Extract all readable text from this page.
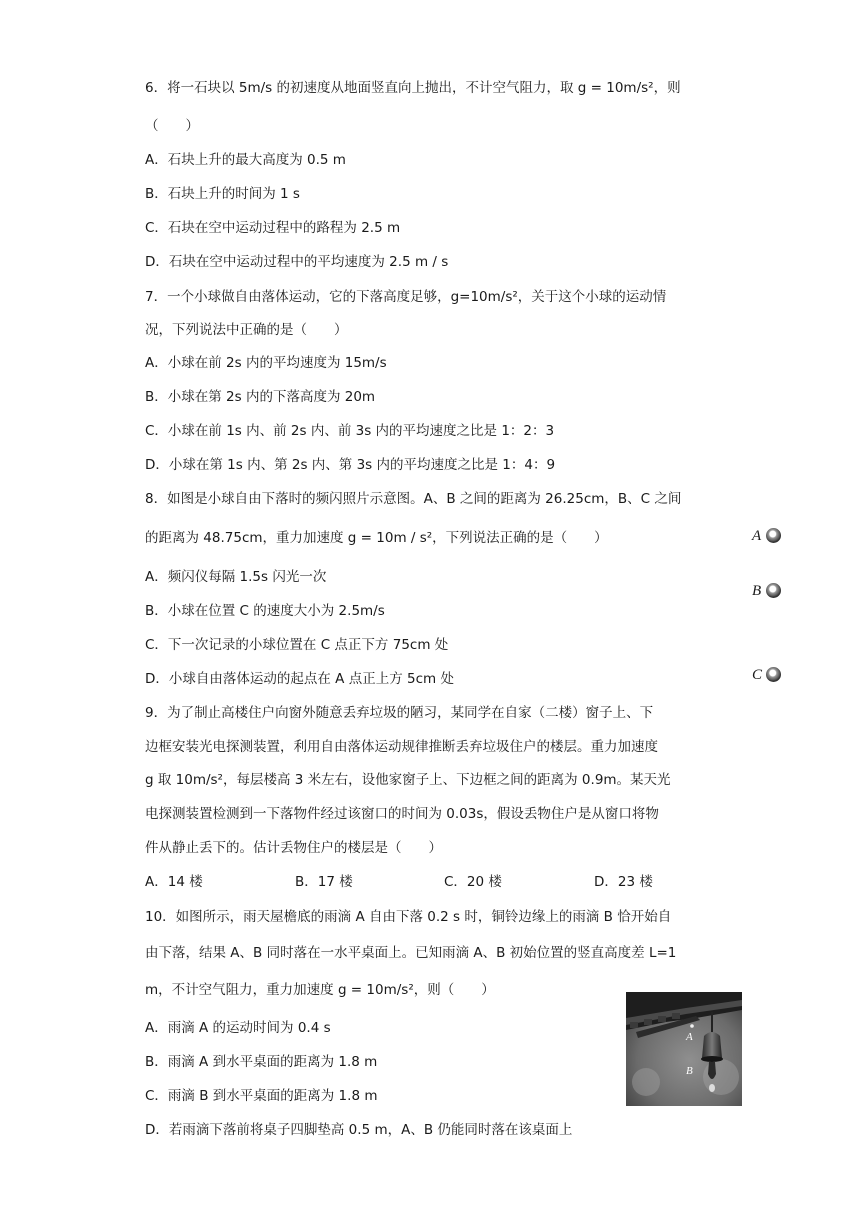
6．将一石块以 5m/s 的初速度从地面竖直向上抛出，不计空气阻力，取 g = 10m/s²，则
（　　）
A．石块上升的最大高度为 0.5 m
B．石块上升的时间为 1 s
C．石块在空中运动过程中的路程为 2.5 m
D．石块在空中运动过程中的平均速度为 2.5 m / s
7．一个小球做自由落体运动，它的下落高度足够，g=10m/s²，关于这个小球的运动情
况，下列说法中正确的是（　　）
A．小球在前 2s 内的平均速度为 15m/s
B．小球在第 2s 内的下落高度为 20m
C．小球在前 1s 内、前 2s 内、前 3s 内的平均速度之比是 1：2：3
D．小球在第 1s 内、第 2s 内、第 3s 内的平均速度之比是 1：4：9
8．如图是小球自由下落时的频闪照片示意图。A、B 之间的距离为 26.25cm，B、C 之间
的距离为 48.75cm，重力加速度 g = 10m / s²，下列说法正确的是（　　）
A．频闪仪每隔 1.5s 闪光一次
B．小球在位置 C 的速度大小为 2.5m/s
C．下一次记录的小球位置在 C 点正下方 75cm 处
D．小球自由落体运动的起点在 A 点正上方 5cm 处
A
B
C
9．为了制止高楼住户向窗外随意丢弃垃圾的陋习，某同学在自家（二楼）窗子上、下
边框安装光电探测装置，利用自由落体运动规律推断丢弃垃圾住户的楼层。重力加速度
g 取 10m/s²，每层楼高 3 米左右，设他家窗子上、下边框之间的距离为 0.9m。某天光
电探测装置检测到一下落物件经过该窗口的时间为 0.03s，假设丢物住户是从窗口将物
件从静止丢下的。估计丢物住户的楼层是（　　）
A．14 楼	B．17 楼	C．20 楼	D．23 楼
10．如图所示，雨天屋檐底的雨滴 A 自由下落 0.2 s 时，铜铃边缘上的雨滴 B 恰开始自
由下落，结果 A、B 同时落在一水平桌面上。已知雨滴 A、B 初始位置的竖直高度差 L=1
m，不计空气阻力，重力加速度 g = 10m/s²，则（　　）
A．雨滴 A 的运动时间为 0.4 s
B．雨滴 A 到水平桌面的距离为 1.8 m
C．雨滴 B 到水平桌面的距离为 1.8 m
D．若雨滴下落前将桌子四脚垫高 0.5 m，A、B 仍能同时落在该桌面上
A
B
